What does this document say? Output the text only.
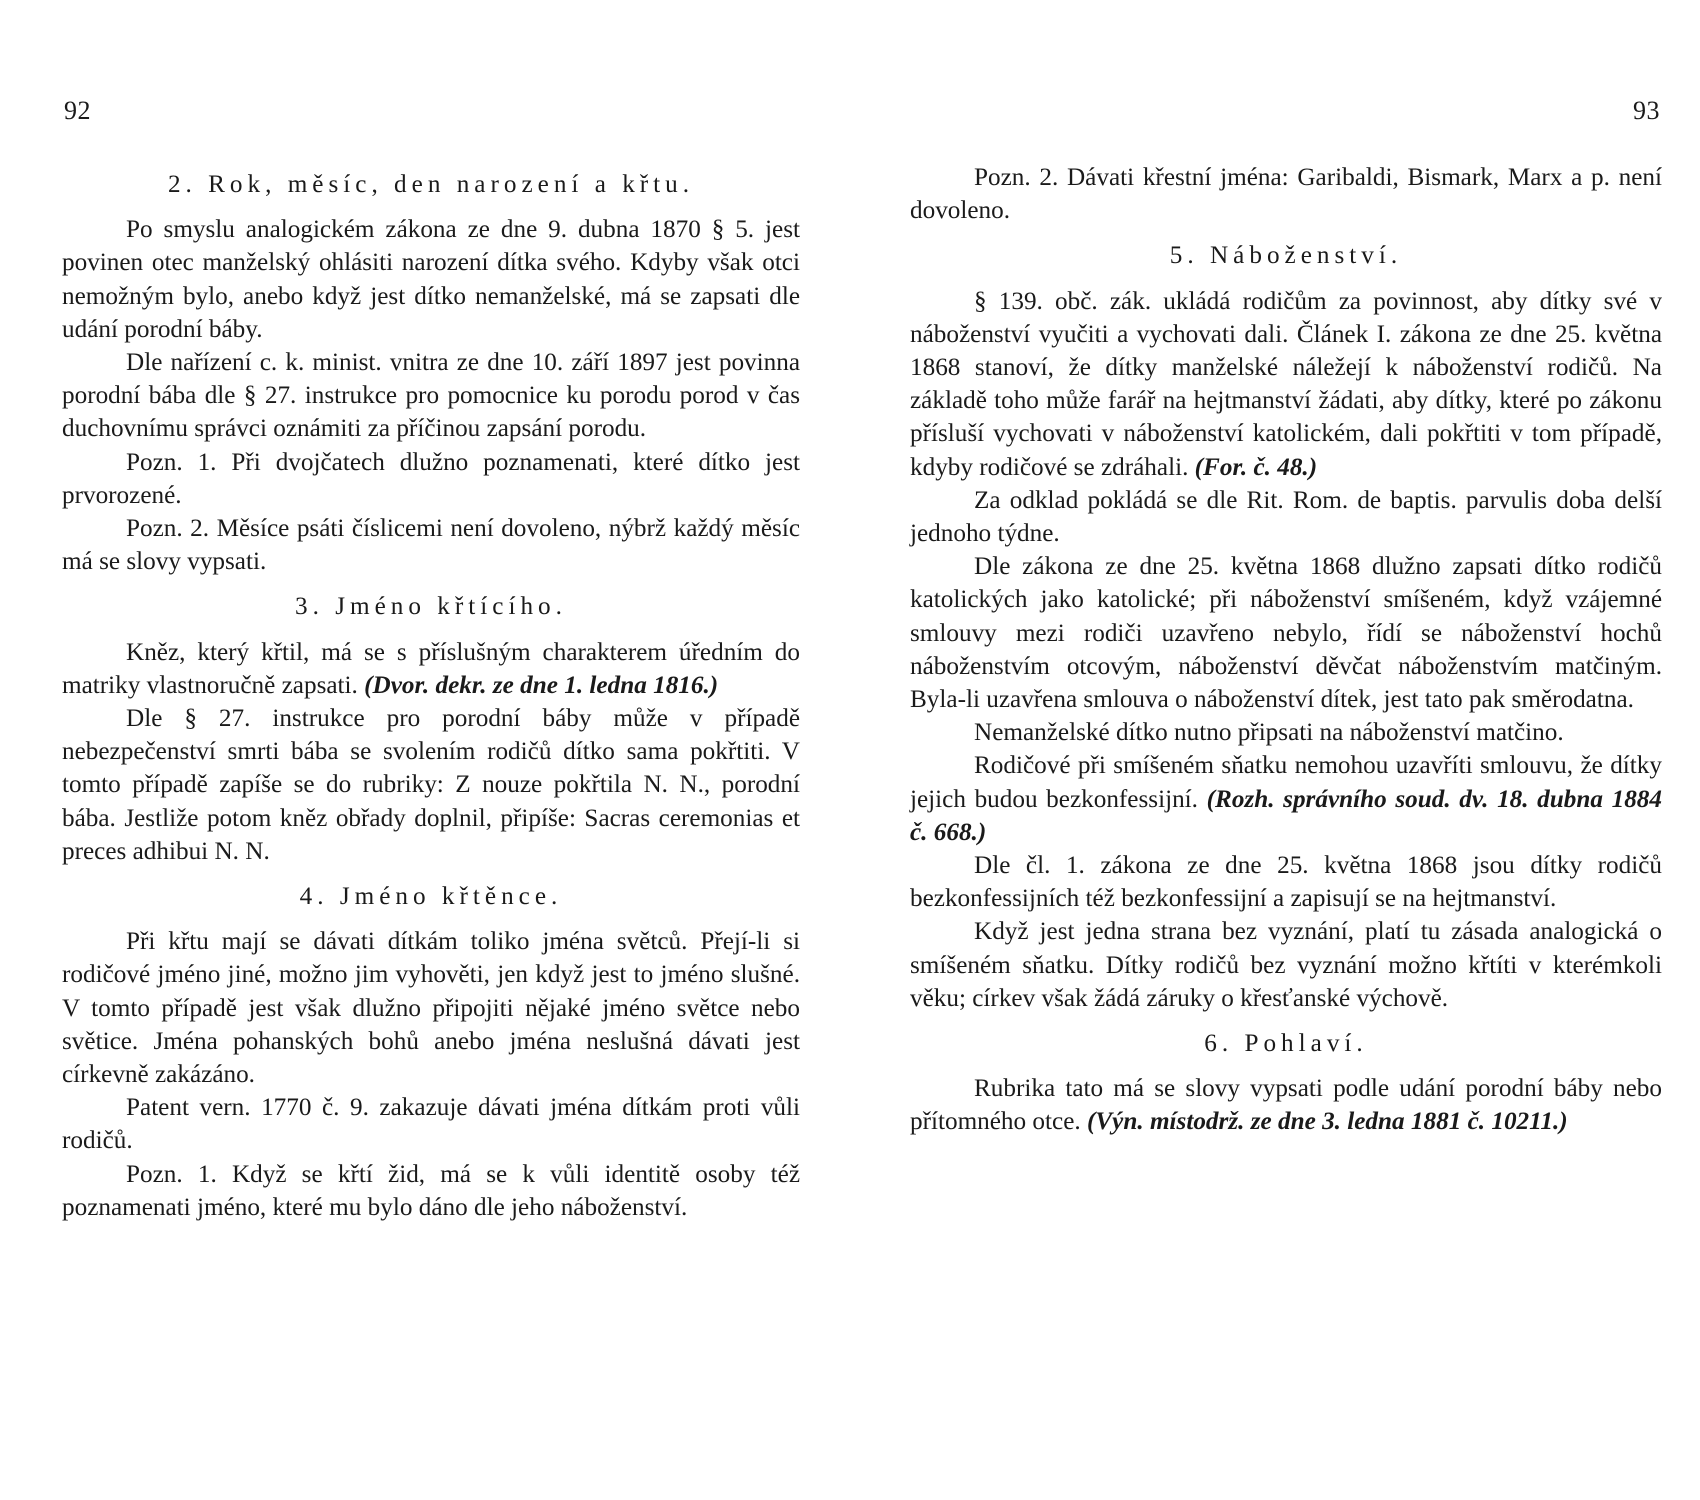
92

2. Rok, měsíc, den narození a křtu.

Po smyslu analogickém zákona ze dne 9. dubna 1870 § 5. jest povinen otec manželský ohlásiti narození dítka svého. Kdyby však otci nemožným bylo, anebo když jest dítko nemanželské, má se zapsati dle udání porodní báby.

Dle nařízení c. k. minist. vnitra ze dne 10. září 1897 jest povinna porodní bába dle § 27. instrukce pro pomocnice ku porodu porod v čas duchovnímu správci oznámiti za příčinou zapsání porodu.

Pozn. 1. Při dvojčatech dlužno poznamenati, které dítko jest prvorozené.

Pozn. 2. Měsíce psáti číslicemi není dovoleno, nýbrž každý měsíc má se slovy vypsati.

3. Jméno křtícího.

Kněz, který křtil, má se s příslušným charakterem úředním do matriky vlastnoručně zapsati. (Dvor. dekr. ze dne 1. ledna 1816.)

Dle § 27. instrukce pro porodní báby může v případě nebezpečenství smrti bába se svolením rodičů dítko sama pokřtiti. V tomto případě zapíše se do rubriky: Z nouze pokřtila N. N., porodní bába. Jestliže potom kněz obřady doplnil, připíše: Sacras ceremonias et preces adhibui N. N.

4. Jméno křtěnce.

Při křtu mají se dávati dítkám toliko jména světců. Přejí-li si rodičové jméno jiné, možno jim vyhověti, jen když jest to jméno slušné. V tomto případě jest však dlužno připojiti nějaké jméno světce nebo světice. Jména pohanských bohů anebo jména neslušná dávati jest církevně zakázáno.

Patent vern. 1770 č. 9. zakazuje dávati jména dítkám proti vůli rodičů.

Pozn. 1. Když se křtí žid, má se k vůli identitě osoby též poznamenati jméno, které mu bylo dáno dle jeho náboženství.

93

Pozn. 2. Dávati křestní jména: Garibaldi, Bismark, Marx a p. není dovoleno.

5. Náboženství.

§ 139. obč. zák. ukládá rodičům za povinnost, aby dítky své v náboženství vyučiti a vychovati dali. Článek I. zákona ze dne 25. května 1868 stanoví, že dítky manželské náležejí k náboženství rodičů. Na základě toho může farář na hejtmanství žádati, aby dítky, které po zákonu přísluší vychovati v náboženství katolickém, dali pokřtiti v tom případě, kdyby rodičové se zdráhali. (For. č. 48.)

Za odklad pokládá se dle Rit. Rom. de baptis. parvulis doba delší jednoho týdne.

Dle zákona ze dne 25. května 1868 dlužno zapsati dítko rodičů katolických jako katolické; při náboženství smíšeném, když vzájemné smlouvy mezi rodiči uzavřeno nebylo, řídí se náboženství hochů náboženstvím otcovým, náboženství děvčat náboženstvím matčiným. Byla-li uzavřena smlouva o náboženství dítek, jest tato pak směrodatna.

Nemanželské dítko nutno připsati na náboženství matčino.

Rodičové při smíšeném sňatku nemohou uzavříti smlouvu, že dítky jejich budou bezkonfessijní. (Rozh. správního soud. dv. 18. dubna 1884 č. 668.)

Dle čl. 1. zákona ze dne 25. května 1868 jsou dítky rodičů bezkonfessijních též bezkonfessijní a zapisují se na hejtmanství.

Když jest jedna strana bez vyznání, platí tu zásada analogická o smíšeném sňatku. Dítky rodičů bez vyznání možno křtíti v kterémkoli věku; církev však žádá záruky o křesťanské výchově.

6. Pohlaví.

Rubrika tato má se slovy vypsati podle udání porodní báby nebo přítomného otce. (Výn. místodrž. ze dne 3. ledna 1881 č. 10211.)
